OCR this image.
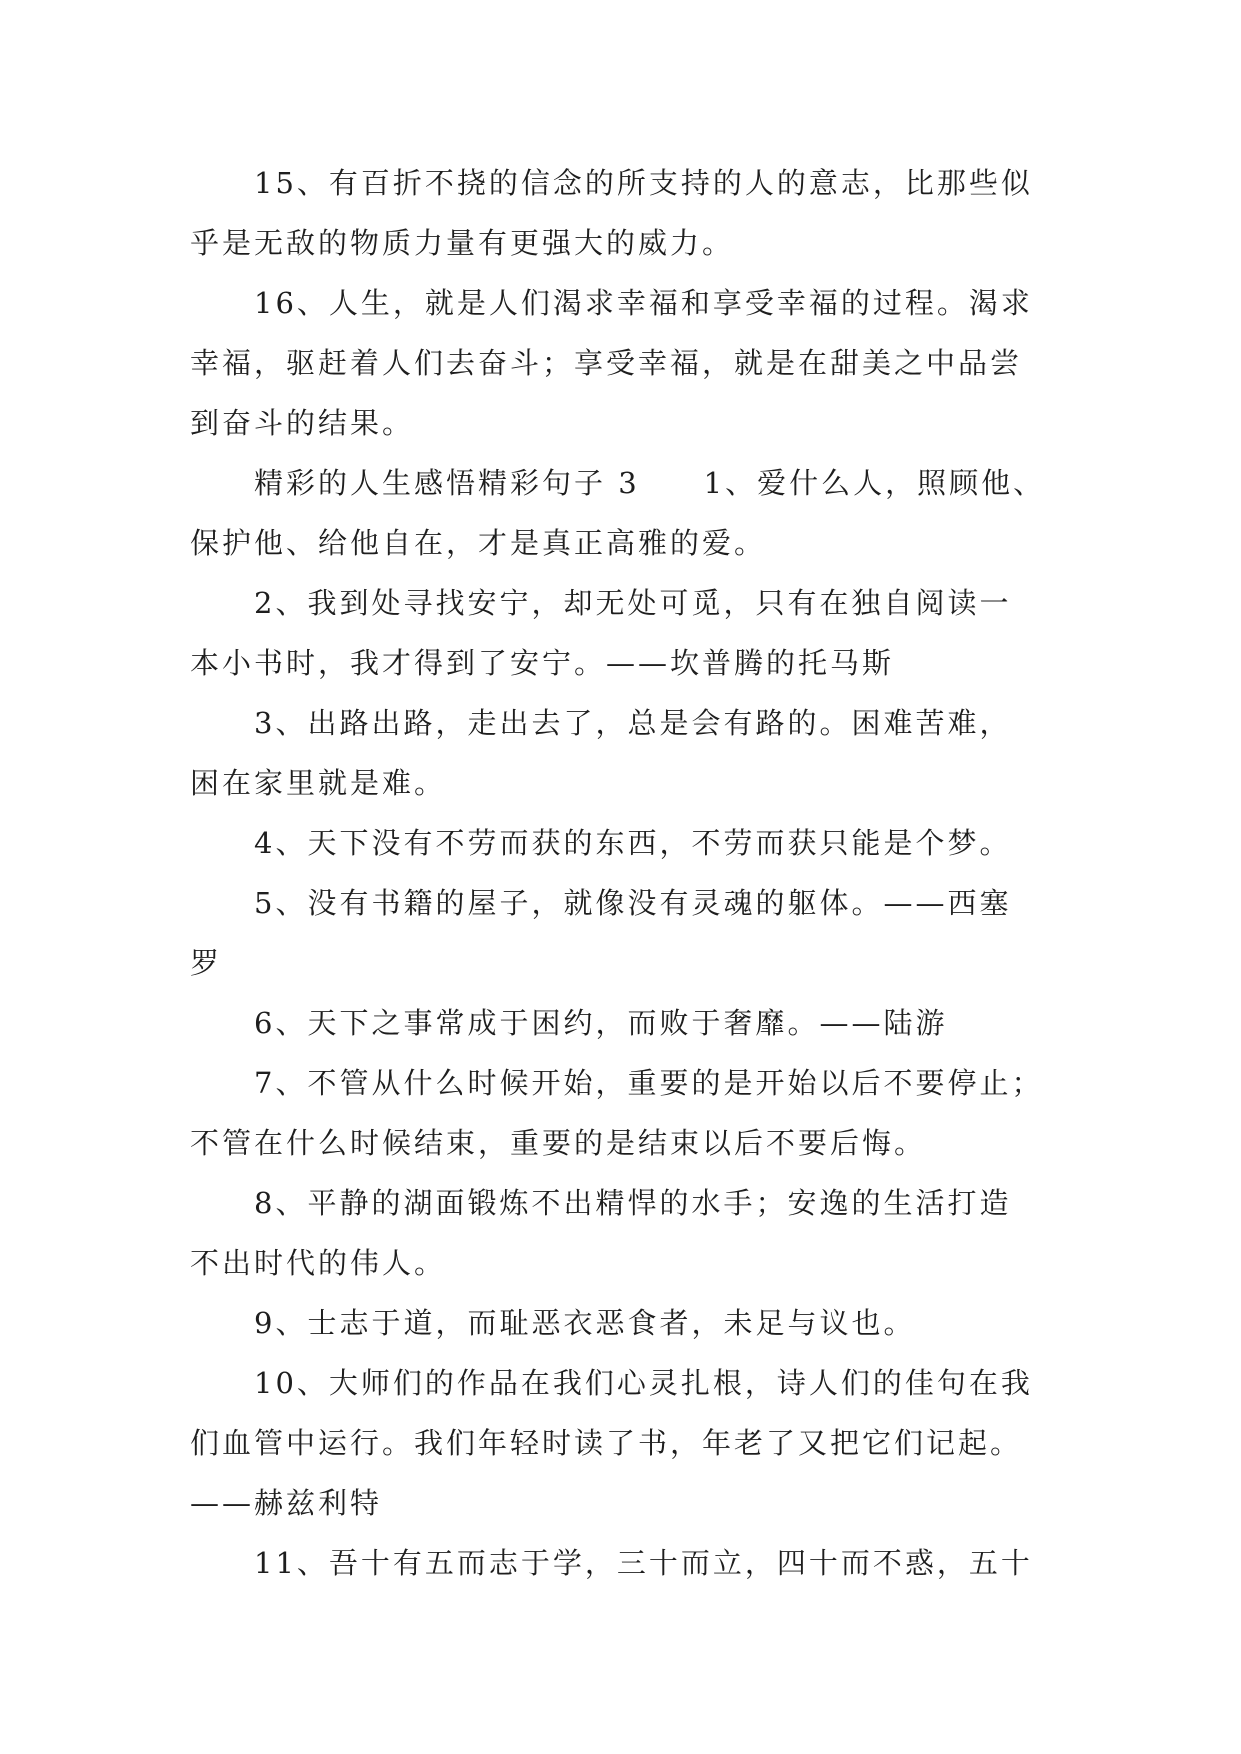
15、有百折不挠的信念的所支持的人的意志，比那些似
乎是无敌的物质力量有更强大的威力。
16、人生，就是人们渴求幸福和享受幸福的过程。渴求
幸福，驱赶着人们去奋斗；享受幸福，就是在甜美之中品尝
到奋斗的结果。
精彩的人生感悟精彩句子 3　　1、爱什么人，照顾他、
保护他、给他自在，才是真正高雅的爱。
2、我到处寻找安宁，却无处可觅，只有在独自阅读一
本小书时，我才得到了安宁。——坎普腾的托马斯
3、出路出路，走出去了，总是会有路的。困难苦难，
困在家里就是难。
4、天下没有不劳而获的东西，不劳而获只能是个梦。
5、没有书籍的屋子，就像没有灵魂的躯体。——西塞
罗
6、天下之事常成于困约，而败于奢靡。——陆游
7、不管从什么时候开始，重要的是开始以后不要停止；
不管在什么时候结束，重要的是结束以后不要后悔。
8、平静的湖面锻炼不出精悍的水手；安逸的生活打造
不出时代的伟人。
9、士志于道，而耻恶衣恶食者，未足与议也。
10、大师们的作品在我们心灵扎根，诗人们的佳句在我
们血管中运行。我们年轻时读了书，年老了又把它们记起。
——赫兹利特
11、吾十有五而志于学，三十而立，四十而不惑，五十
